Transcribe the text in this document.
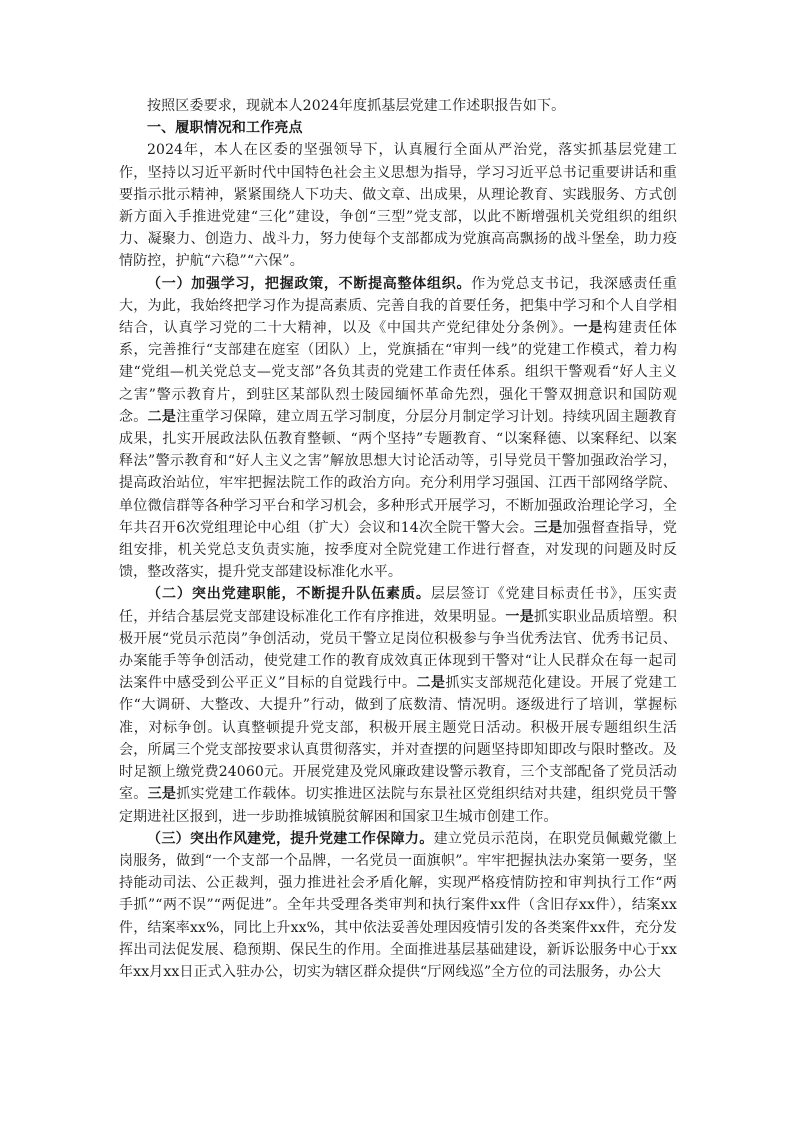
按照区委要求，现就本人2024年度抓基层党建工作述职报告如下。

一、履职情况和工作亮点

2024年，本人在区委的坚强领导下，认真履行全面从严治党，落实抓基层党建工作，坚持以习近平新时代中国特色社会主义思想为指导，学习习近平总书记重要讲话和重要指示批示精神，紧紧围绕人下功夫、做文章、出成果，从理论教育、实践服务、方式创新方面入手推进党建“三化”建设，争创“三型”党支部，以此不断增强机关党组织的组织力、凝聚力、创造力、战斗力，努力使每个支部都成为党旗高高飘扬的战斗堡垒，助力疫情防控，护航“六稳”“六保”。

（一）加强学习，把握政策，不断提高整体组织。作为党总支书记，我深感责任重大，为此，我始终把学习作为提高素质、完善自我的首要任务，把集中学习和个人自学相结合，认真学习党的二十大精神，以及《中国共产党纪律处分条例》。一是构建责任体系，完善推行“支部建在庭室（团队）上，党旗插在“审判一线”的党建工作模式，着力构建“党组—机关党总支—党支部”各负其责的党建工作责任体系。组织干警观看“好人主义之害”警示教育片，到驻区某部队烈士陵园缅怀革命先烈，强化干警双拥意识和国防观念。二是注重学习保障，建立周五学习制度，分层分月制定学习计划。持续巩固主题教育成果，扎实开展政法队伍教育整顿、“两个坚持”专题教育、“以案释德、以案释纪、以案释法”警示教育和“好人主义之害”解放思想大讨论活动等，引导党员干警加强政治学习，提高政治站位，牢牢把握法院工作的政治方向。充分利用学习强国、江西干部网络学院、单位微信群等各种学习平台和学习机会，多种形式开展学习，不断加强政治理论学习，全年共召开6次党组理论中心组（扩大）会议和14次全院干警大会。三是加强督查指导，党组安排，机关党总支负责实施，按季度对全院党建工作进行督查，对发现的问题及时反馈，整改落实，提升党支部建设标准化水平。

（二）突出党建职能，不断提升队伍素质。层层签订《党建目标责任书》，压实责任，并结合基层党支部建设标准化工作有序推进，效果明显。一是抓实职业品质培塑。积极开展“党员示范岗”争创活动，党员干警立足岗位积极参与争当优秀法官、优秀书记员、办案能手等争创活动，使党建工作的教育成效真正体现到干警对“让人民群众在每一起司法案件中感受到公平正义”目标的自觉践行中。二是抓实支部规范化建设。开展了党建工作“大调研、大整改、大提升”行动，做到了底数清、情况明。逐级进行了培训，掌握标准，对标争创。认真整顿提升党支部，积极开展主题党日活动。积极开展专题组织生活会，所属三个党支部按要求认真贯彻落实，并对查摆的问题坚持即知即改与限时整改。及时足额上缴党费24060元。开展党建及党风廉政建设警示教育，三个支部配备了党员活动室。三是抓实党建工作载体。切实推进区法院与东景社区党组织结对共建，组织党员干警定期进社区报到，进一步助推城镇脱贫解困和国家卫生城市创建工作。

（三）突出作风建党，提升党建工作保障力。建立党员示范岗，在职党员佩戴党徽上岗服务，做到“一个支部一个品牌，一名党员一面旗帜”。牢牢把握执法办案第一要务，坚持能动司法、公正裁判，强力推进社会矛盾化解，实现严格疫情防控和审判执行工作“两手抓”“两不误”“两促进”。全年共受理各类审判和执行案件xx件（含旧存xx件），结案xx件，结案率xx%，同比上升xx%，其中依法妥善处理因疫情引发的各类案件xx件，充分发挥出司法促发展、稳预期、保民生的作用。全面推进基层基础建设，新诉讼服务中心于xx年xx月xx日正式入驻办公，切实为辖区群众提供“厅网线巡”全方位的司法服务，办公大
